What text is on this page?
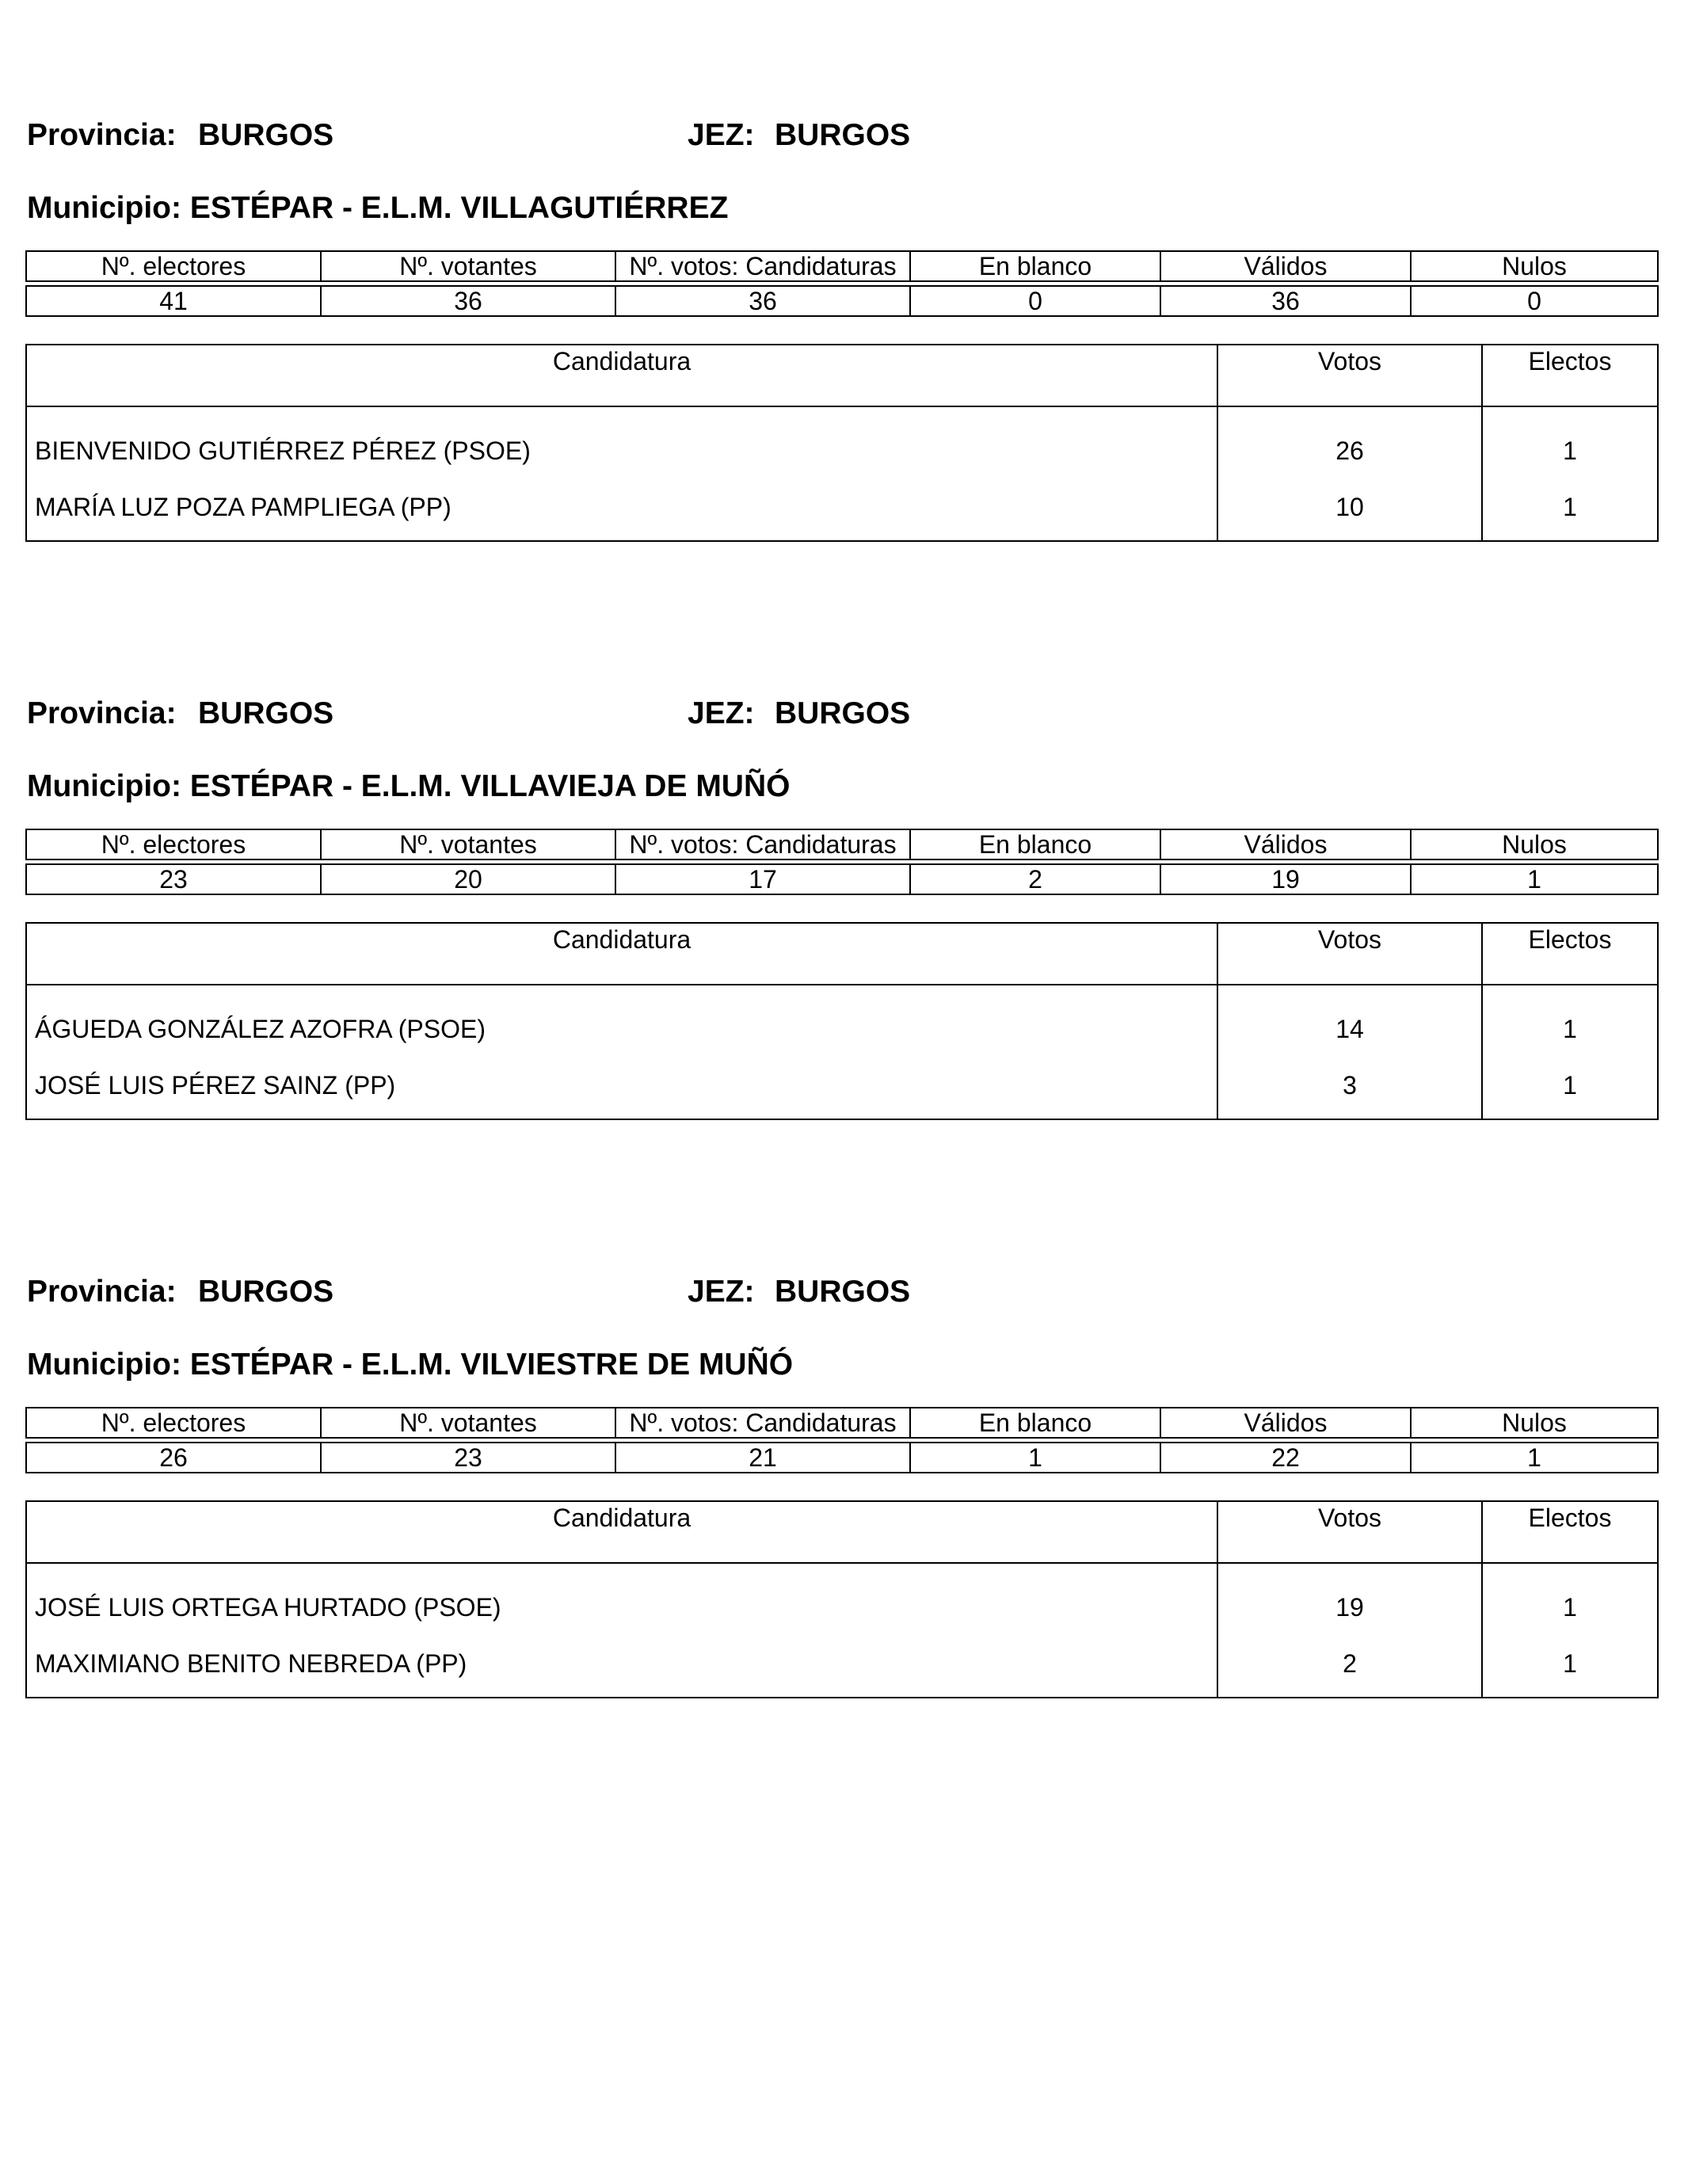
Provincia: BURGOS	JEZ: BURGOS
Municipio: ESTÉPAR - E.L.M. VILLAGUTIÉRREZ
Nº. electores	Nº. votantes	Nº. votos: Candidaturas	En blanco	Válidos	Nulos

41	36	36	0	36	0
Candidatura	Votos	Electos
BIENVENIDO GUTIÉRREZ PÉREZ (PSOE)	26	1
MARÍA LUZ POZA PAMPLIEGA (PP)	10	1
Provincia: BURGOS	JEZ: BURGOS
Municipio: ESTÉPAR - E.L.M. VILLAVIEJA DE MUÑÓ
Nº. electores	Nº. votantes	Nº. votos: Candidaturas	En blanco	Válidos	Nulos

23	20	17	2	19	1
Candidatura	Votos	Electos
ÁGUEDA GONZÁLEZ AZOFRA (PSOE)	14	1
JOSÉ LUIS PÉREZ SAINZ (PP)	3	1
Provincia: BURGOS	JEZ: BURGOS
Municipio: ESTÉPAR - E.L.M. VILVIESTRE DE MUÑÓ
Nº. electores	Nº. votantes	Nº. votos: Candidaturas	En blanco	Válidos	Nulos

26	23	21	1	22	1
Candidatura	Votos	Electos
JOSÉ LUIS ORTEGA HURTADO (PSOE)	19	1
MAXIMIANO BENITO NEBREDA (PP)	2	1
